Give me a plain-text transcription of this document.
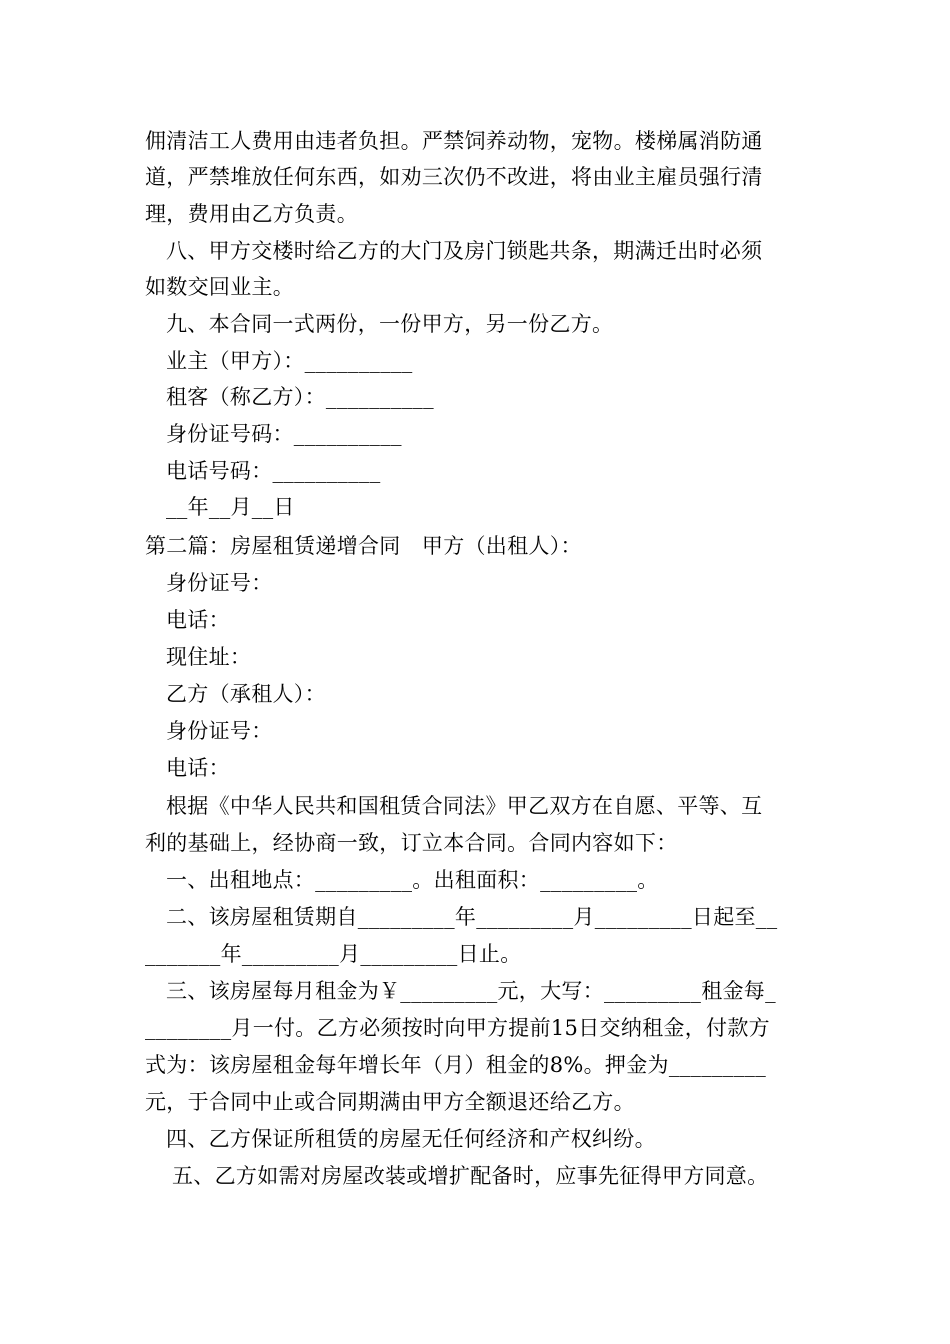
佣清洁工人费用由违者负担。严禁饲养动物，宠物。楼梯属消防通
道，严禁堆放任何东西，如劝三次仍不改进，将由业主雇员强行清
理，费用由乙方负责。
八、甲方交楼时给乙方的大门及房门锁匙共条，期满迁出时必须
如数交回业主。
九、本合同一式两份，一份甲方，另一份乙方。
业主（甲方）：__________
租客（称乙方）：__________
身份证号码：__________
电话号码：__________
__年__月__日
第二篇：房屋租赁递增合同　甲方（出租人）：
身份证号：
电话：
现住址：
乙方（承租人）：
身份证号：
电话：
根据《中华人民共和国租赁合同法》甲乙双方在自愿、平等、互
利的基础上，经协商一致，订立本合同。合同内容如下：
一、出租地点：_________。出租面积：_________。
二、该房屋租赁期自_________年_________月_________日起至__
_______年_________月_________日止。
三、该房屋每月租金为￥_________元，大写：_________租金每_
________月一付。乙方必须按时向甲方提前15日交纳租金，付款方
式为：该房屋租金每年增长年（月）租金的8%。押金为_________
元，于合同中止或合同期满由甲方全额退还给乙方。
四、乙方保证所租赁的房屋无任何经济和产权纠纷。
五、乙方如需对房屋改装或增扩配备时，应事先征得甲方同意。
